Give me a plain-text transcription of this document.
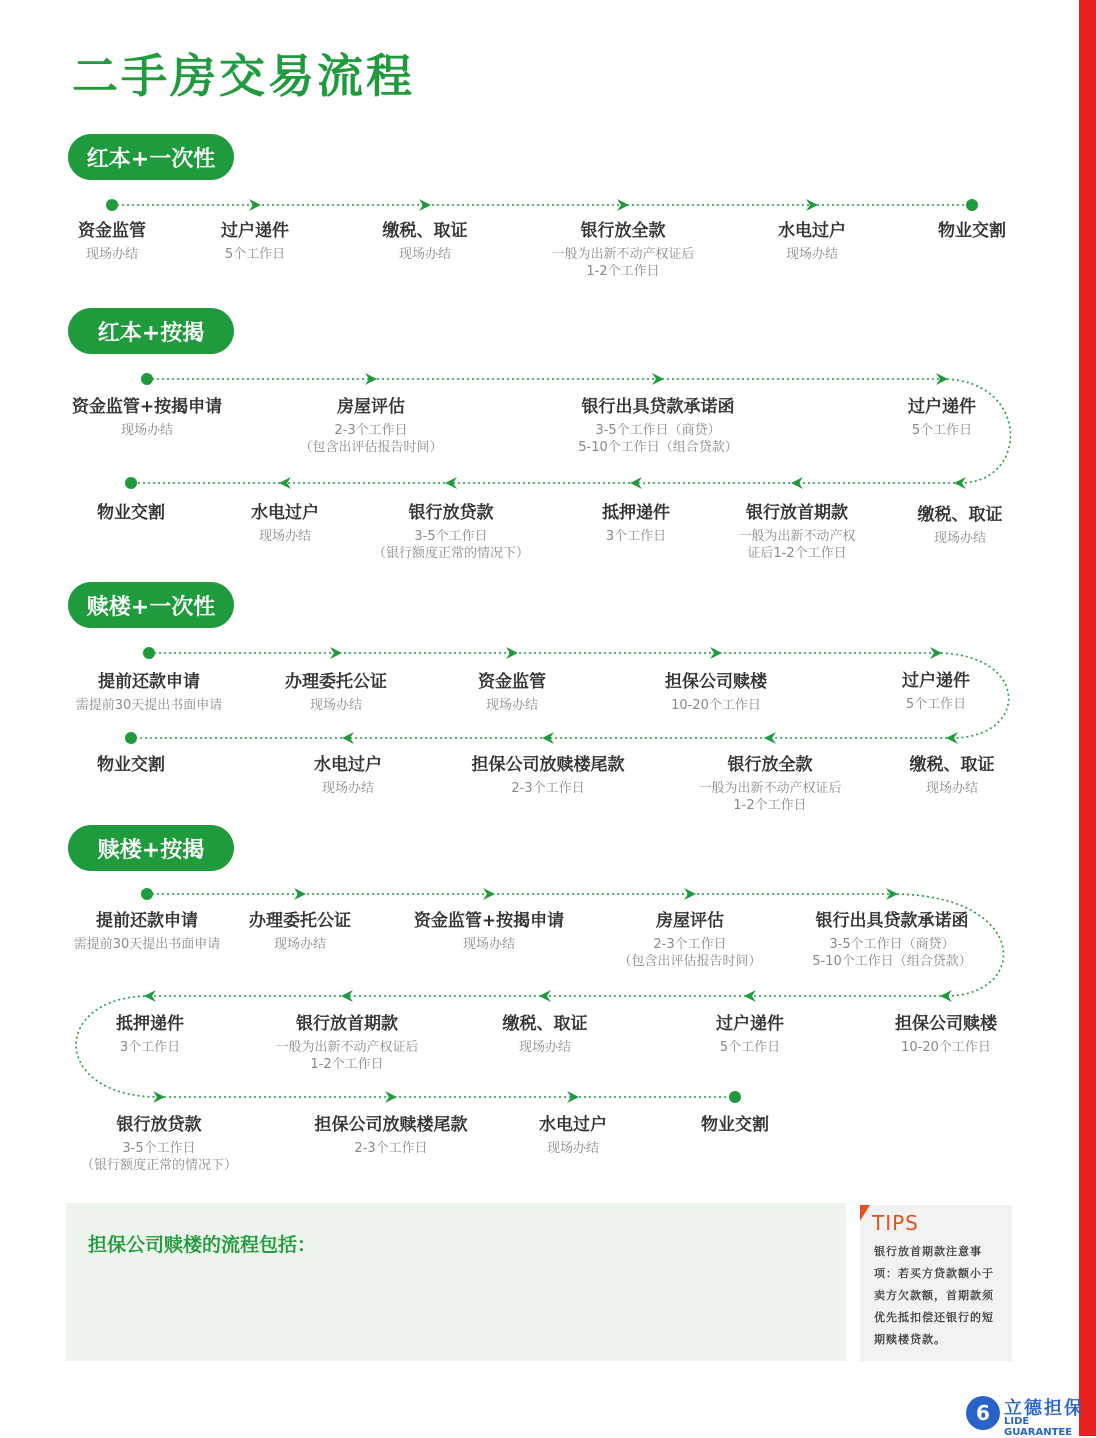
二手房交易流程
红本+一次性
红本+按揭
赎楼+一次性
赎楼+按揭
资金监管
现场办结
过户递件
5个工作日
缴税、取证
现场办结
银行放全款
一般为出新不动产权证后
1-2个工作日
水电过户
现场办结
物业交割
资金监管+按揭申请
现场办结
房屋评估
2-3个工作日
（包含出评估报告时间）
银行出具贷款承诺函
3-5个工作日（商贷）
5-10个工作日（组合贷款）
过户递件
5个工作日
缴税、取证
现场办结
银行放首期款
一般为出新不动产权
证后1-2个工作日
抵押递件
3个工作日
银行放贷款
3-5个工作日
（银行额度正常的情况下）
水电过户
现场办结
物业交割
提前还款申请
需提前30天提出书面申请
办理委托公证
现场办结
资金监管
现场办结
担保公司赎楼
10-20个工作日
过户递件
5个工作日
缴税、取证
现场办结
银行放全款
一般为出新不动产权证后
1-2个工作日
担保公司放赎楼尾款
2-3个工作日
水电过户
现场办结
物业交割
提前还款申请
需提前30天提出书面申请
办理委托公证
现场办结
资金监管+按揭申请
现场办结
房屋评估
2-3个工作日
（包含出评估报告时间）
银行出具贷款承诺函
3-5个工作日（商贷）
5-10个工作日（组合贷款）
担保公司赎楼
10-20个工作日
过户递件
5个工作日
缴税、取证
现场办结
银行放首期款
一般为出新不动产权证后
1-2个工作日
抵押递件
3个工作日
银行放贷款
3-5个工作日
（银行额度正常的情况下）
担保公司放赎楼尾款
2-3个工作日
水电过户
现场办结
物业交割
担保公司赎楼的流程包括：
TIPS
银行放首期款注意事
项：若买方贷款额小于
卖方欠款额，首期款须
优先抵扣偿还银行的短
期赎楼贷款。
6 立德担保
LIDE GUARANTEE
